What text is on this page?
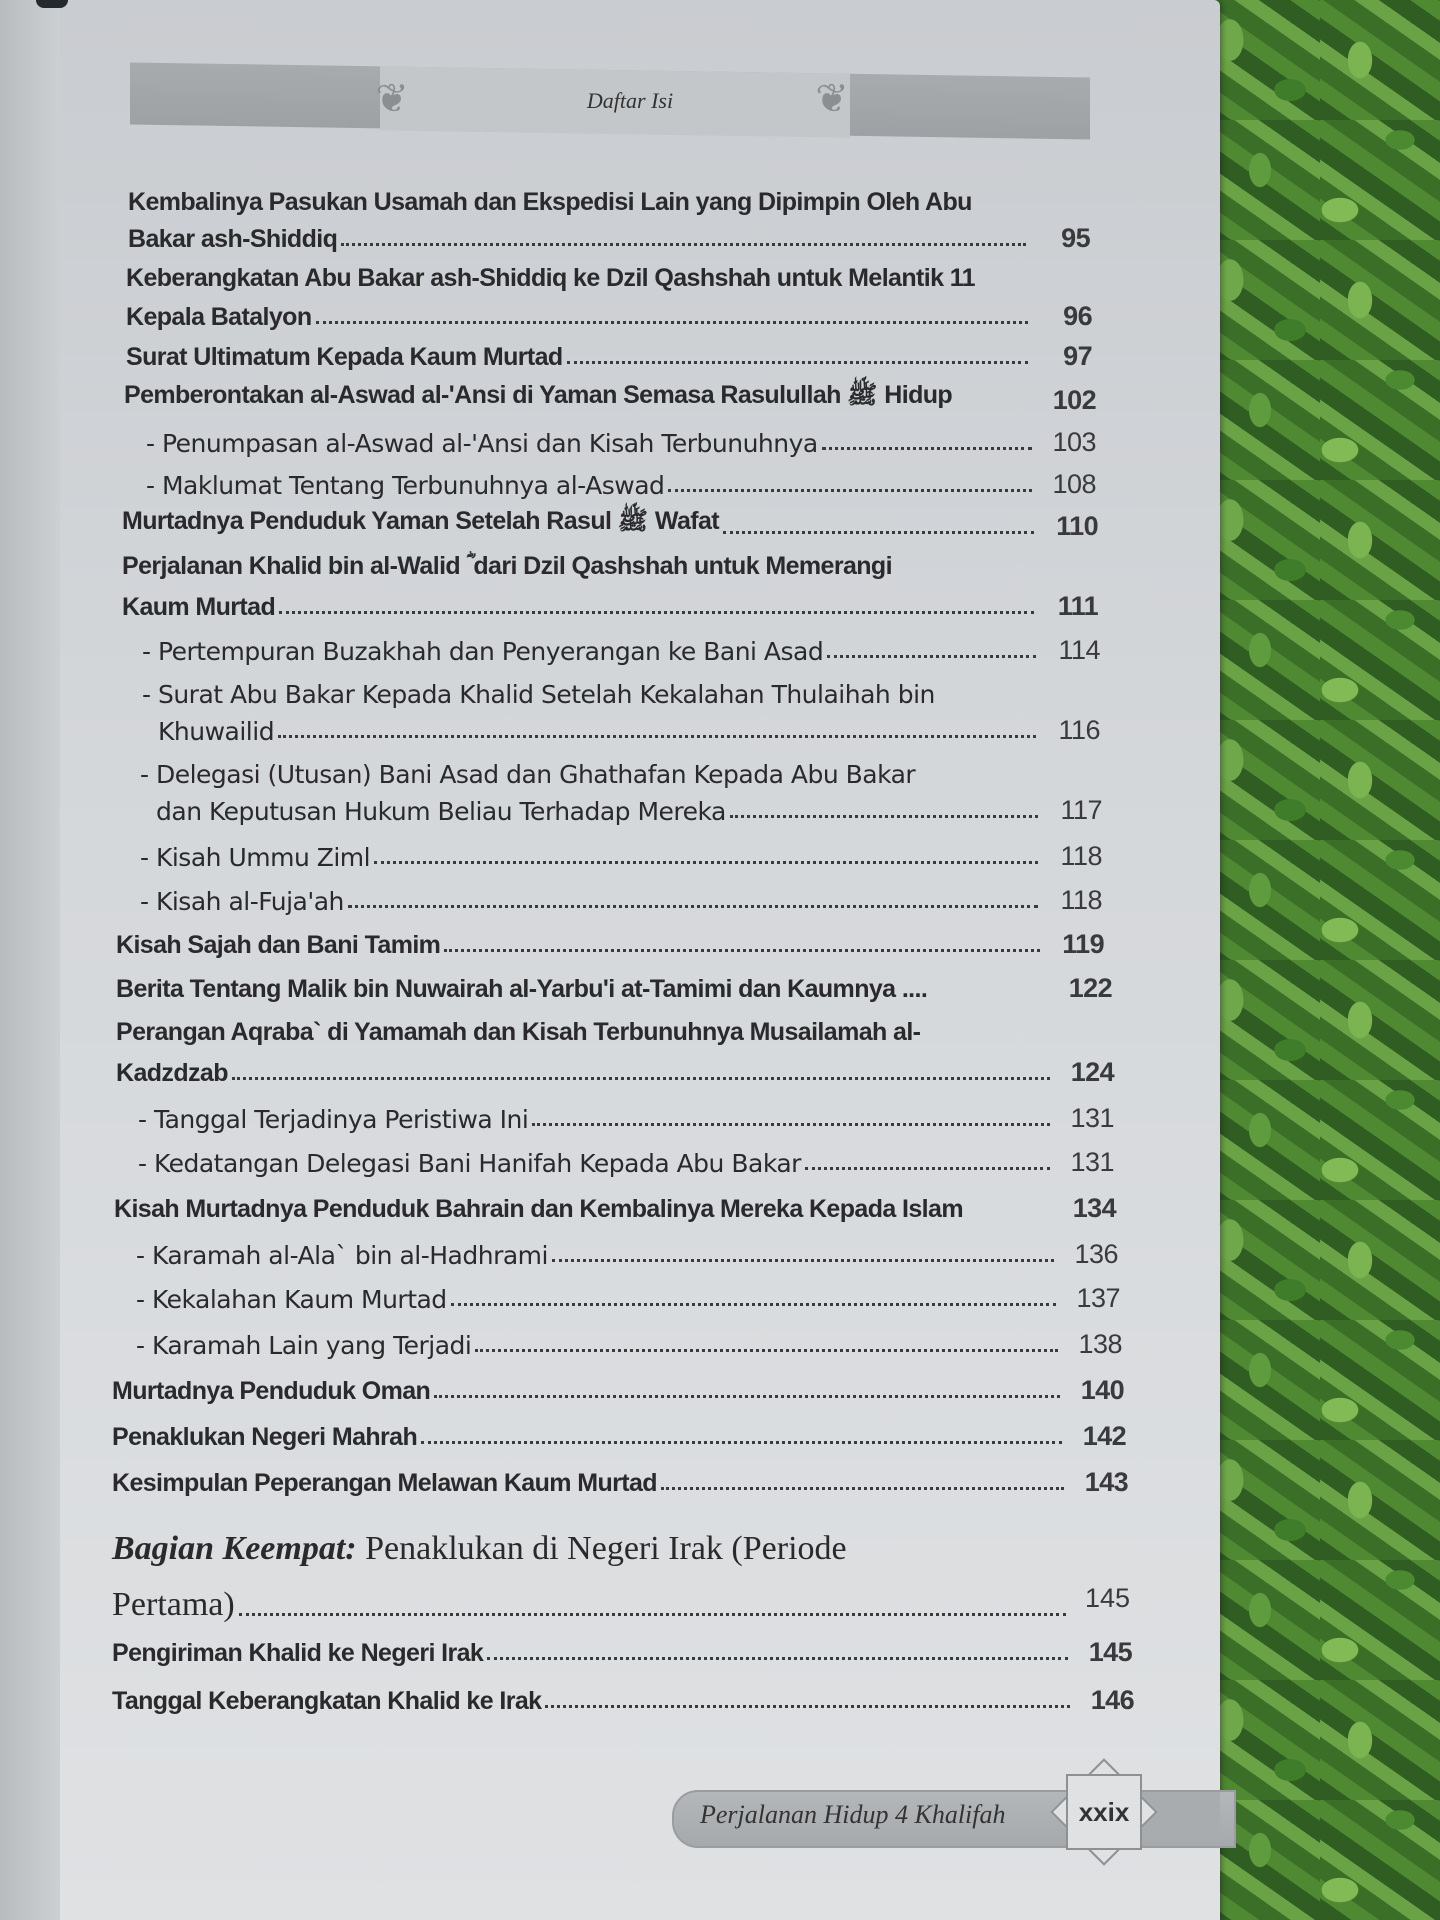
❦	❦
Daftar Isi
Kembalinya Pasukan Usamah dan Ekspedisi Lain yang Dipimpin Oleh Abu
Bakar ash-Shiddiq	95
Keberangkatan Abu Bakar ash-Shiddiq ke Dzil Qashshah untuk Melantik 11
Kepala Batalyon	96
Surat Ultimatum Kepada Kaum Murtad	97
Pemberontakan al-Aswad al-'Ansi di Yaman Semasa Rasulullah ﷺ Hidup	102
- Penumpasan al-Aswad al-'Ansi dan Kisah Terbunuhnya	103
- Maklumat Tentang Terbunuhnya al-Aswad	108
Murtadnya Penduduk Yaman Setelah Rasul ﷺ Wafat	110
Perjalanan Khalid bin al-Walid ؓ dari Dzil Qashshah untuk Memerangi
Kaum Murtad	111
- Pertempuran Buzakhah dan Penyerangan ke Bani Asad	114
- Surat Abu Bakar Kepada Khalid Setelah Kekalahan Thulaihah bin
Khuwailid	116
- Delegasi (Utusan) Bani Asad dan Ghathafan Kepada Abu Bakar
dan Keputusan Hukum Beliau Terhadap Mereka	117
- Kisah Ummu Ziml	118
- Kisah al-Fuja'ah	118
Kisah Sajah dan Bani Tamim	119
Berita Tentang Malik bin Nuwairah al-Yarbu'i at-Tamimi dan Kaumnya ....	122
Perangan Aqraba` di Yamamah dan Kisah Terbunuhnya Musailamah al-
Kadzdzab	124
- Tanggal Terjadinya Peristiwa Ini	131
- Kedatangan Delegasi Bani Hanifah Kepada Abu Bakar	131
Kisah Murtadnya Penduduk Bahrain dan Kembalinya Mereka Kepada Islam	134
- Karamah al-Ala` bin al-Hadhrami	136
- Kekalahan Kaum Murtad	137
- Karamah Lain yang Terjadi	138
Murtadnya Penduduk Oman	140
Penaklukan Negeri Mahrah	142
Kesimpulan Peperangan Melawan Kaum Murtad	143
Bagian Keempat: Penaklukan di Negeri Irak (Periode
Pertama)	145
Pengiriman Khalid ke Negeri Irak	145
Tanggal Keberangkatan Khalid ke Irak	146
Perjalanan Hidup 4 Khalifah	xxix
